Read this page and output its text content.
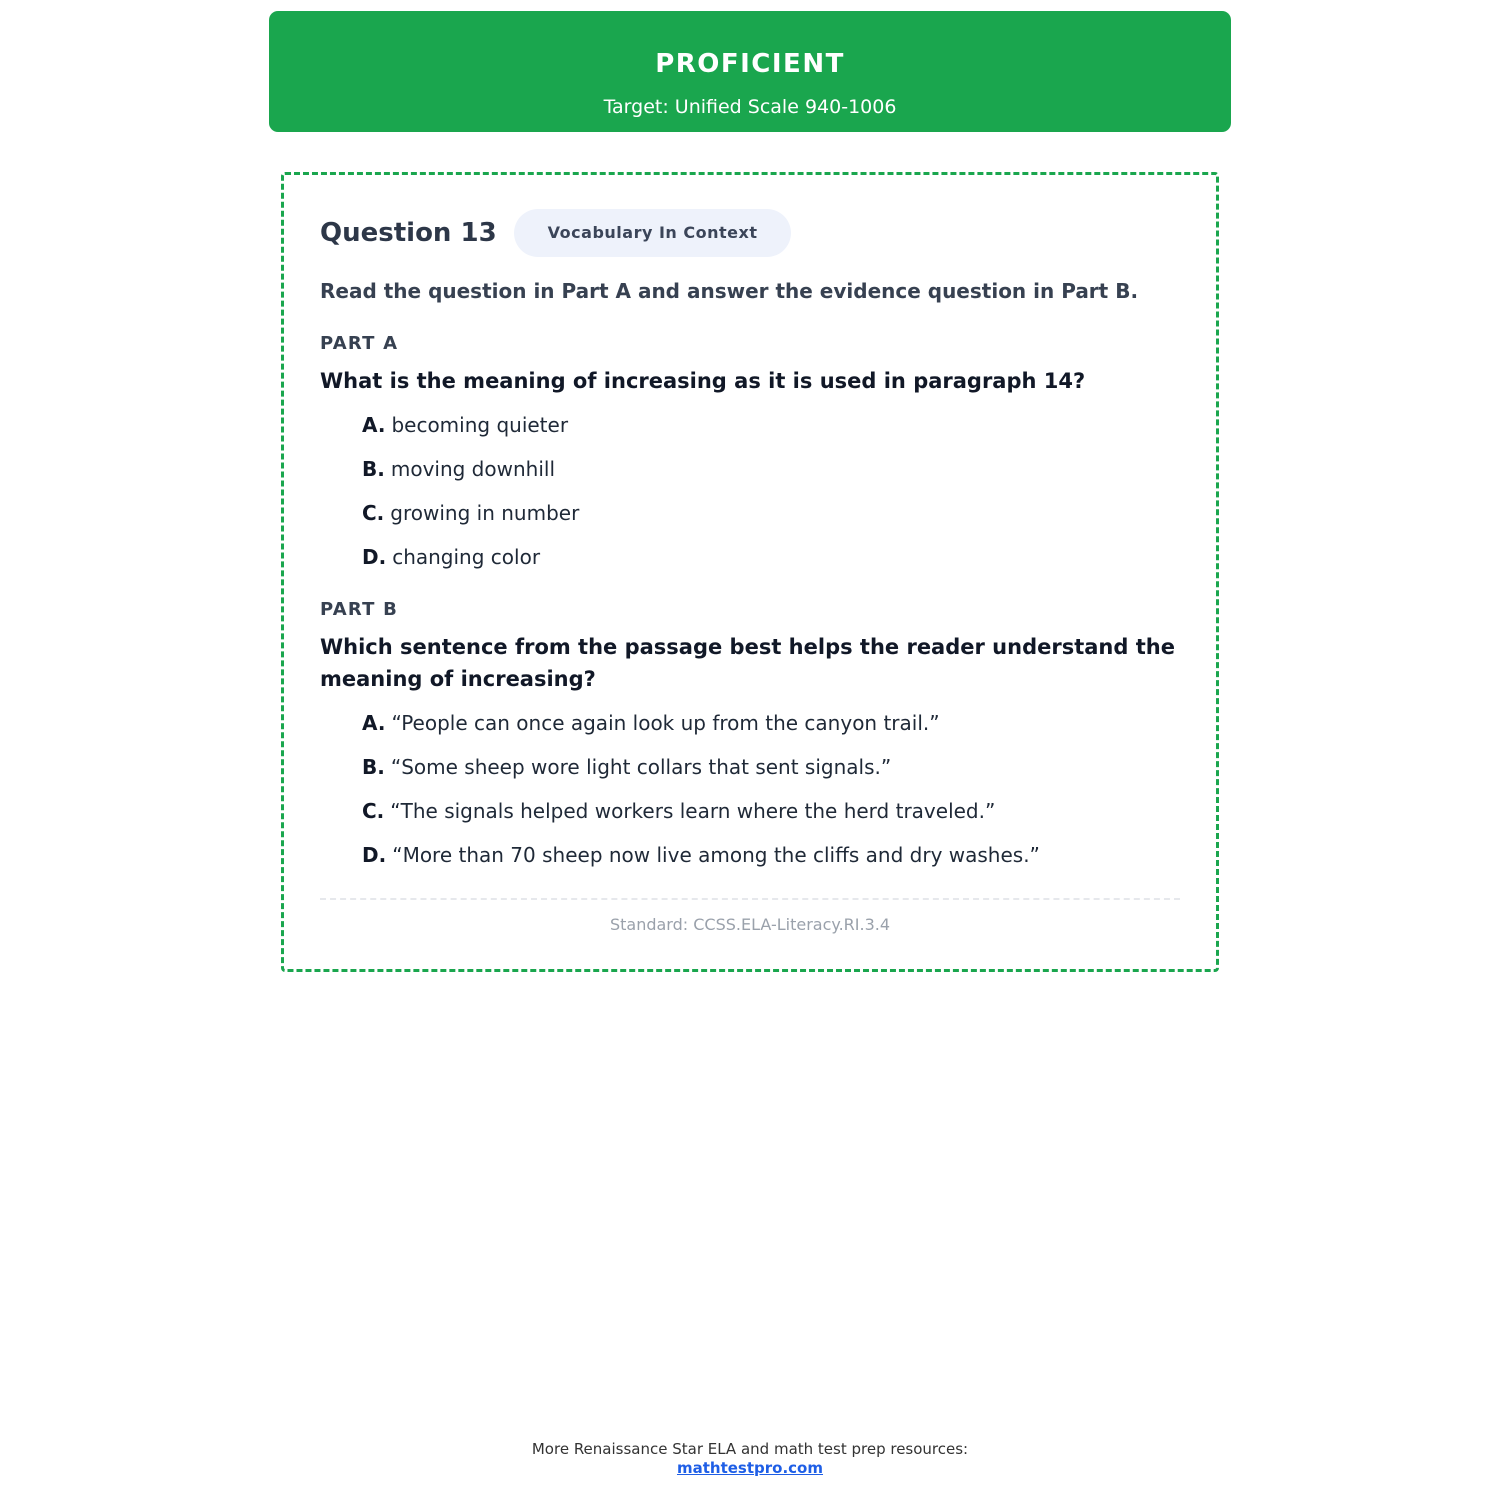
PROFICIENT
Target: Unified Scale 940-1006
Question 13	Vocabulary In Context
Read the question in Part A and answer the evidence question in Part B.
PART A
What is the meaning of increasing as it is used in paragraph 14?
A. becoming quieter
B. moving downhill
C. growing in number
D. changing color
PART B
Which sentence from the passage best helps the reader understand the meaning of increasing?
A. “People can once again look up from the canyon trail.”
B. “Some sheep wore light collars that sent signals.”
C. “The signals helped workers learn where the herd traveled.”
D. “More than 70 sheep now live among the cliffs and dry washes.”
Standard: CCSS.ELA-Literacy.RI.3.4
More Renaissance Star ELA and math test prep resources:
mathtestpro.com
